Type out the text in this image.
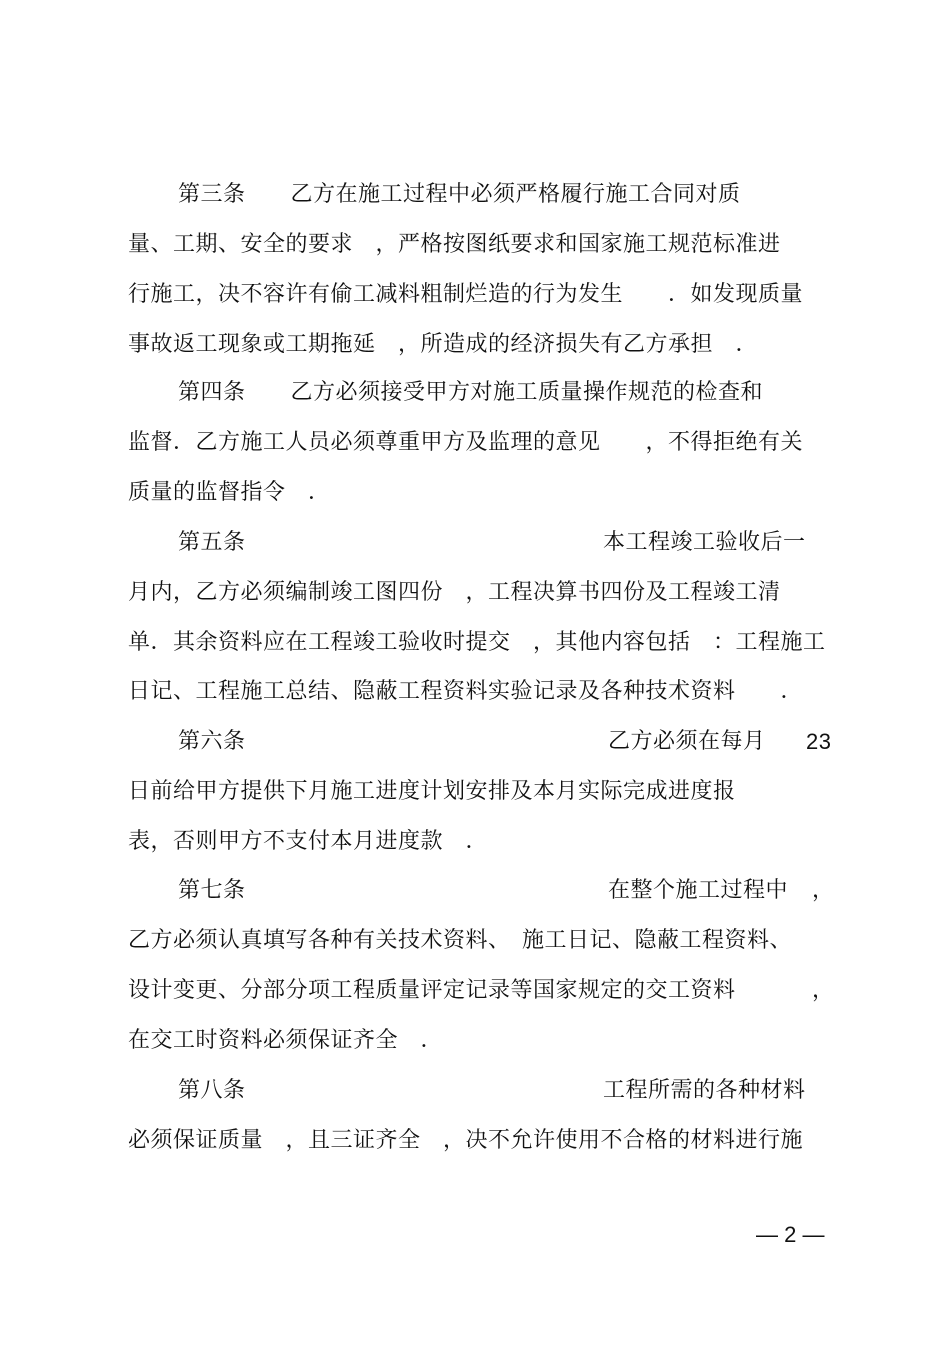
第三条　　乙方在施工过程中必须严格履行施工合同对质
量、工期、安全的要求　，严格按图纸要求和国家施工规范标准进
行施工，决不容许有偷工减料粗制烂造的行为发生　　．如发现质量
事故返工现象或工期拖延　，所造成的经济损失有乙方承担　．
第四条　　乙方必须接受甲方对施工质量操作规范的检查和
监督．乙方施工人员必须尊重甲方及监理的意见　　，不得拒绝有关
质量的监督指令　．
第五条	本工程竣工验收后一
月内，乙方必须编制竣工图四份　，工程决算书四份及工程竣工清
单．其余资料应在工程竣工验收时提交　，其他内容包括　：工程施工
日记、工程施工总结、隐蔽工程资料实验记录及各种技术资料　　．
第六条	乙方必须在每月 23
日前给甲方提供下月施工进度计划安排及本月实际完成进度报
表，否则甲方不支付本月进度款　．
第七条	在整个施工过程中 ，
乙方必须认真填写各种有关技术资料、　施工日记、隐蔽工程资料、
设计变更、分部分项工程质量评定记录等国家规定的交工资料	，
在交工时资料必须保证齐全　．
第八条	工程所需的各种材料
必须保证质量　，且三证齐全　，决不允许使用不合格的材料进行施
— 2 —
